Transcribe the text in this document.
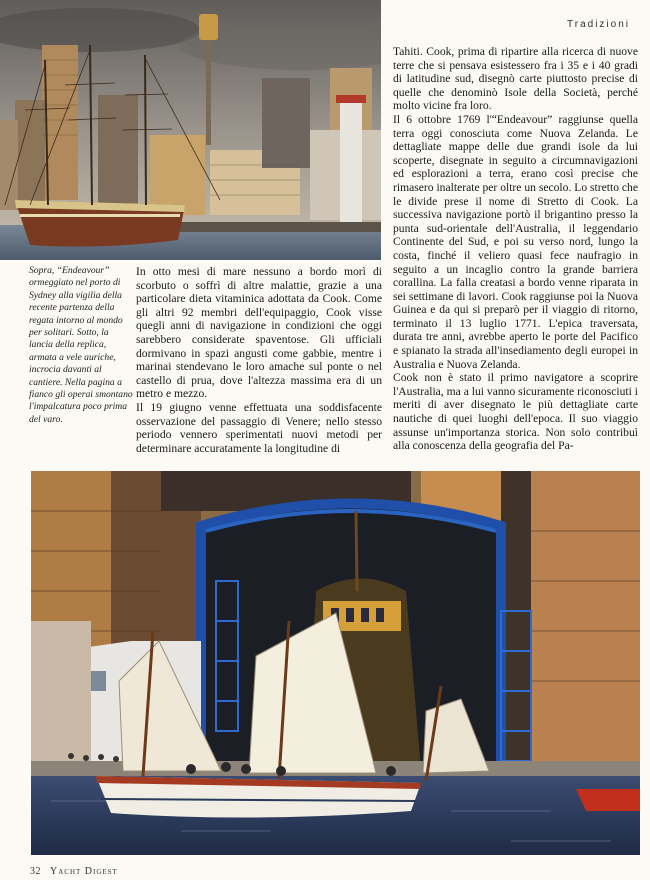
Tradizioni
Sopra, “Endeavour” ormeggiato nel porto di Sydney alla vigilia della recente partenza della regata intorno al mondo per solitari. Sotto, la lancia della replica, armata a vele auriche, incrocia davanti al cantiere. Nella pagina a fianco gli operai smontano l'impalcatura poco prima del varo.

In otto mesi di mare nessuno a bordo morì di scorbuto o soffrì di altre malattie, grazie a una particolare dieta vitaminica adottata da Cook. Come gli altri 92 membri dell'equipaggio, Cook visse quegli anni di navigazione in condizioni che oggi sarebbero considerate spaventose. Gli ufficiali dormivano in spazi angusti come gabbie, mentre i marinai stendevano le loro amache sul ponte o nel castello di prua, dove l'altezza massima era di un metro e mezzo.

Il 19 giugno venne effettuata una soddisfacente osservazione del passaggio di Venere; nello stesso periodo vennero sperimentati nuovi metodi per determinare accuratamente la longitudine di

Tahiti. Cook, prima di ripartire alla ricerca di nuove terre che si pensava esistessero fra i 35 e i 40 gradi di latitudine sud, disegnò carte piuttosto precise di quelle che denominò Isole della Società, perché molto vicine fra loro.

Il 6 ottobre 1769 l'“Endeavour” raggiunse quella terra oggi conosciuta come Nuova Zelanda. Le dettagliate mappe delle due grandi isole da lui scoperte, disegnate in seguito a circumnavigazioni ed esplorazioni a terra, erano così precise che rimasero inalterate per oltre un secolo. Lo stretto che le divide prese il nome di Stretto di Cook. La successiva navigazione portò il brigantino presso la punta sud-orientale dell'Australia, il leggendario Continente del Sud, e poi su verso nord, lungo la costa, finché il veliero quasi fece naufragio in seguito a un incaglio contro la grande barriera corallina. La falla creatasi a bordo venne riparata in sei settimane di lavori. Cook raggiunse poi la Nuova Guinea e da qui si preparò per il viaggio di ritorno, terminato il 13 luglio 1771. L'epica traversata, durata tre anni, avrebbe aperto le porte del Pacifico e spianato la strada all'insediamento degli europei in Australia e Nuova Zelanda.

Cook non è stato il primo navigatore a scoprire l'Australia, ma a lui vanno sicuramente riconosciuti i meriti di aver disegnato le più dettagliate carte nautiche di quei luoghi dell'epoca. Il suo viaggio assunse un'importanza storica. Non solo contribuì alla conoscenza della geografia del Pa-

32 Yacht Digest
